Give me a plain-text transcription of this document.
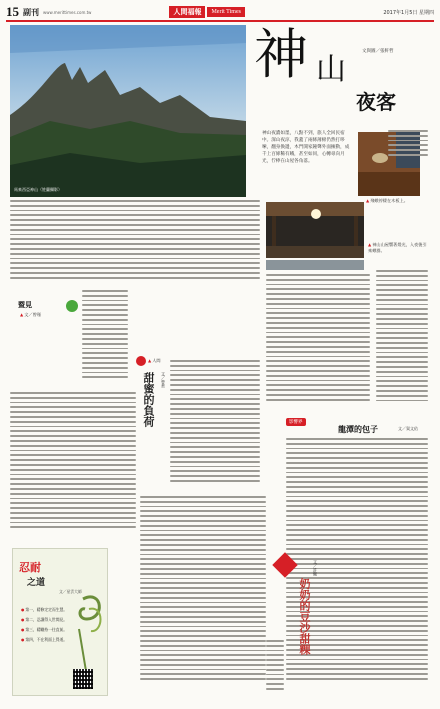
15 副刊 www.merittimes.com.tw	人間福報	Merit Times	2017年1月5日 星期四
馬來西亞神山（姓蘭攝影）
神 山
夜客
文與圖／張軒哲
神山夜濃如墨，八點不到，旅人全回民宿中。深山夜涼，我蓋了兩條薄棉仍然打哆嗦，翻身換邊，木門開家鐘聲外面擁動，成千上百條稀有蛾，甚至如同，心轉尋向月光，佇棒在山屋各角落。
▲ 飛蛾停棲在木板上。
▲ 神山山屋響著燈光，入夜後引來蛾群。
暨見
▲ 文／曾瑾
▲ 人間
甜蜜的負荷 文／曾哲
影響界
龍潭的包子	文／賀文佑
奶奶的豆沙甜粿
文／許佩
忍耐
之道
文／星雲大師
● 第一，精修定定而生慧。
● 第二，忍讓得入世間見。
● 第三，精勵持一往直前。
● 第四，不在利面上得道。
